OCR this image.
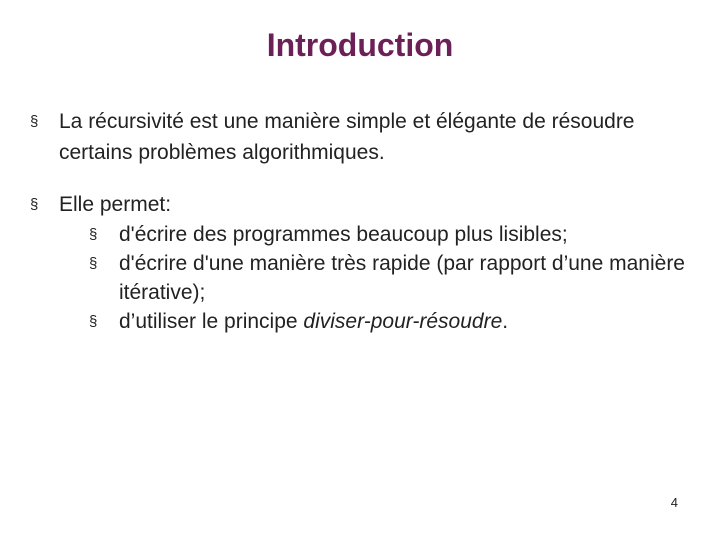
Introduction
§ La récursivité est une manière simple et élégante de résoudre certains problèmes algorithmiques.
§ Elle permet:
§ d'écrire des programmes beaucoup plus lisibles;
§ d'écrire d'une manière très rapide (par rapport d’une manière itérative);
§ d’utiliser le principe diviser-pour-résoudre.
4
